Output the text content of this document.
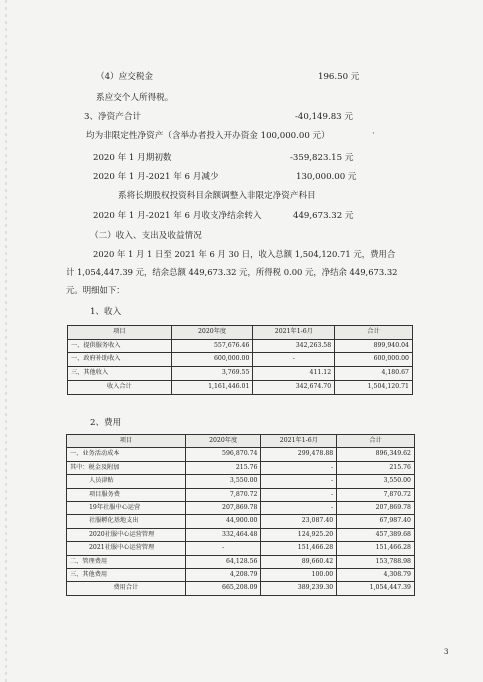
（4）应交税金	196.50 元
系应交个人所得税。
3、净资产合计	-40,149.83 元
均为非限定性净资产（含举办者投入开办资金 100,000.00 元）	·
2020 年 1 月期初数	-359,823.15 元
2020 年 1 月-2021 年 6 月减少	130,000.00 元
系将长期股权投资科目余额调整入非限定净资产科目
2020 年 1 月-2021 年 6 月收支净结余转入	449,673.32 元
（二）收入、支出及收益情况
2020 年 1 月 1 日至 2021 年 6 月 30 日，收入总额 1,504,120.71 元，费用合
计 1,054,447.39 元，结余总额 449,673.32 元，所得税 0.00 元，净结余 449,673.32
元。明细如下：
1、收入
项目	2020年度	2021年1-6月	合计
一、提供服务收入	557,676.46	342,263.58	899,940.04
一、政府补助收入	600,000.00	-	600,000.00
三、其他收入	3,769.55	411.12	4,180.67
收入合计	1,161,446.01	342,674.70	1,504,120.71
2、费用
项目	2020年度	2021年1-6月	合计
一、业务活动成本	596,870.74	299,478.88	896,349.62
其中：税金及附加	215.76	-	215.76
人员津贴	3,550.00	-	3,550.00
项目服务费	7,870.72	-	7,870.72
19年社服中心运营	207,869.78	-	207,869.78
社服孵化基地支出	44,900.00	23,087.40	67,987.40
2020社服中心运营管理	332,464.48	124,925.20	457,389.68
2021社服中心运营管理	-	151,466.28	151,466.28
二、管理费用	64,128.56	89,660.42	153,788.98
三、其他费用	4,208.79	100.00	4,308.79
费用合计	665,208.09	389,239.30	1,054,447.39
3
